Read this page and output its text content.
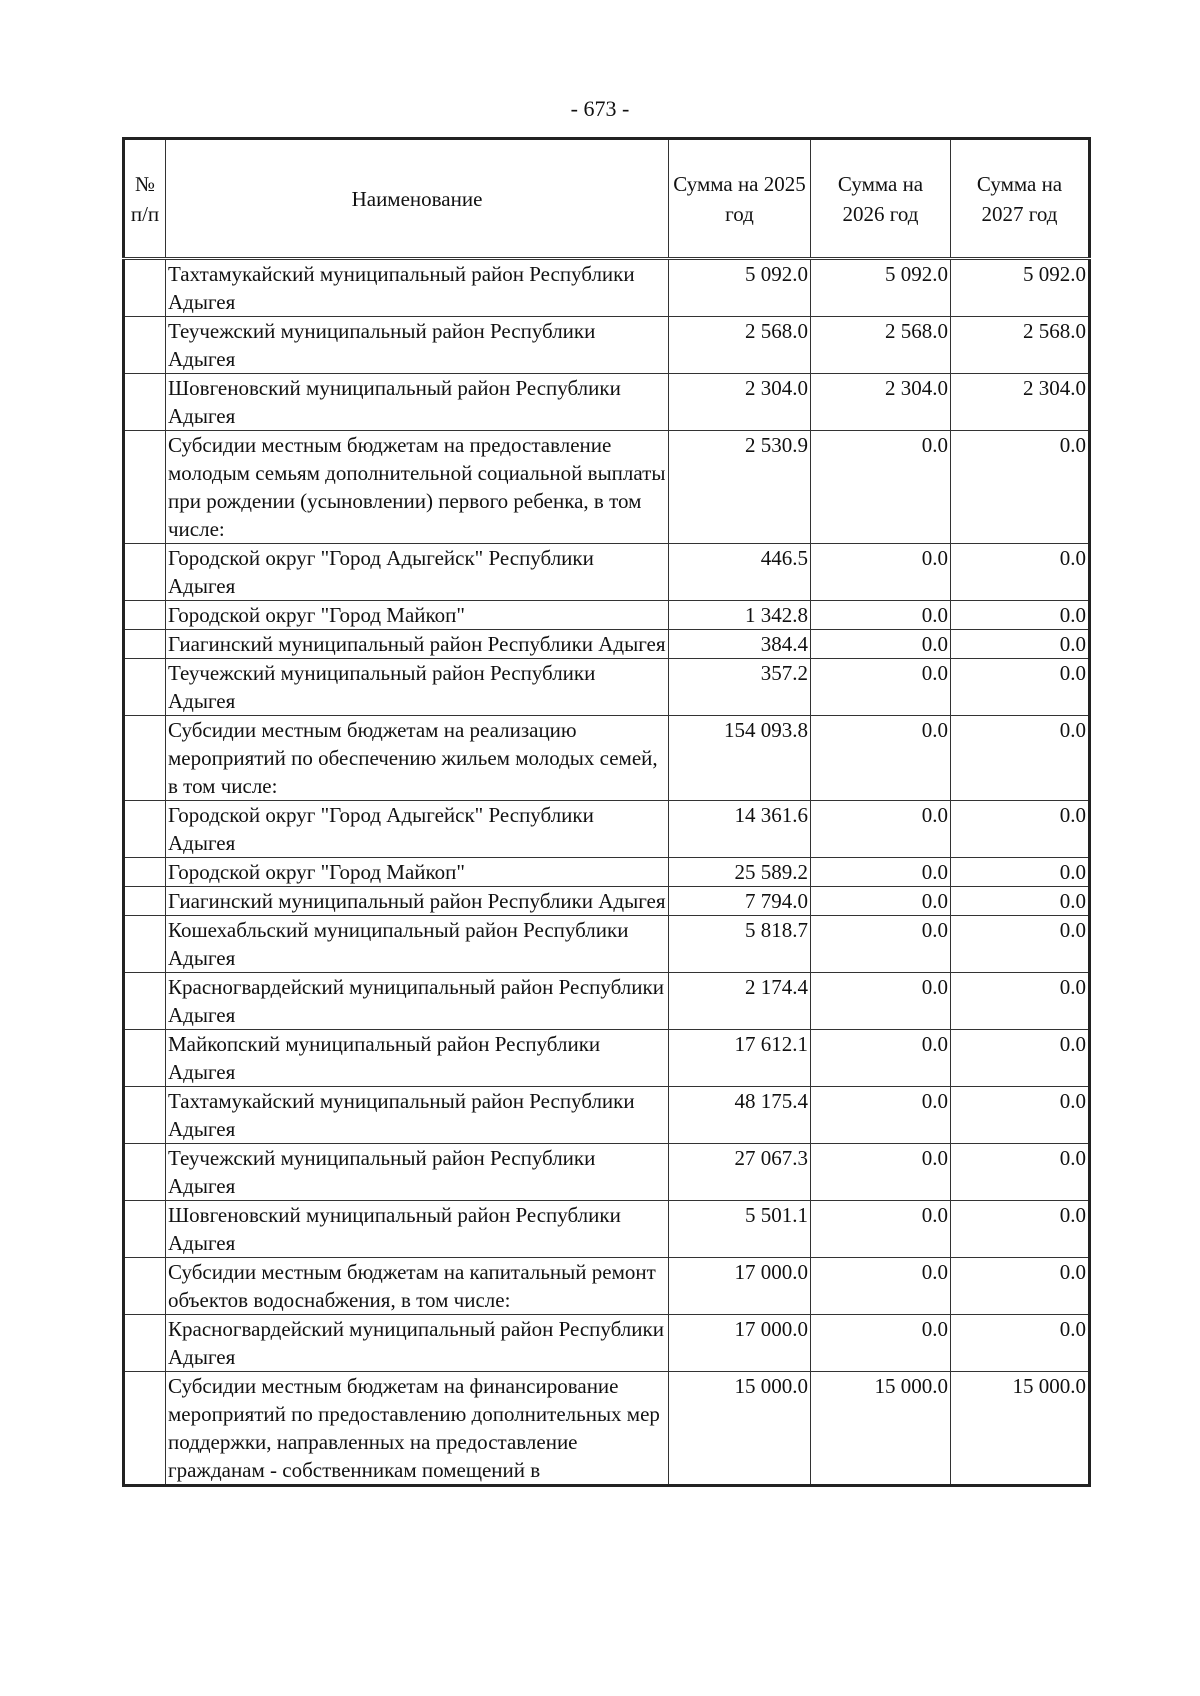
- 673 -
№ п/п	Наименование	Сумма на 2025 год	Сумма на 2026 год	Сумма на 2027 год
	Тахтамукайский муниципальный район Республики Адыгея	5 092.0	5 092.0	5 092.0
	Теучежский муниципальный район Республики Адыгея	2 568.0	2 568.0	2 568.0
	Шовгеновский муниципальный район Республики Адыгея	2 304.0	2 304.0	2 304.0
	Субсидии местным бюджетам на предоставление молодым семьям дополнительной социальной выплаты при рождении (усыновлении) первого ребенка, в том числе:	2 530.9	0.0	0.0
	Городской округ "Город Адыгейск" Республики Адыгея	446.5	0.0	0.0
	Городской округ "Город Майкоп"	1 342.8	0.0	0.0
	Гиагинский муниципальный район Республики Адыгея	384.4	0.0	0.0
	Теучежский муниципальный район Республики Адыгея	357.2	0.0	0.0
	Субсидии местным бюджетам на реализацию мероприятий по обеспечению жильем молодых семей, в том числе:	154 093.8	0.0	0.0
	Городской округ "Город Адыгейск" Республики Адыгея	14 361.6	0.0	0.0
	Городской округ "Город Майкоп"	25 589.2	0.0	0.0
	Гиагинский муниципальный район Республики Адыгея	7 794.0	0.0	0.0
	Кошехабльский муниципальный район Республики Адыгея	5 818.7	0.0	0.0
	Красногвардейский муниципальный район Республики Адыгея	2 174.4	0.0	0.0
	Майкопский муниципальный район Республики Адыгея	17 612.1	0.0	0.0
	Тахтамукайский муниципальный район Республики Адыгея	48 175.4	0.0	0.0
	Теучежский муниципальный район Республики Адыгея	27 067.3	0.0	0.0
	Шовгеновский муниципальный район Республики Адыгея	5 501.1	0.0	0.0
	Субсидии местным бюджетам на капитальный ремонт объектов водоснабжения, в том числе:	17 000.0	0.0	0.0
	Красногвардейский муниципальный район Республики Адыгея	17 000.0	0.0	0.0
	Субсидии местным бюджетам на финансирование мероприятий по предоставлению дополнительных мер поддержки, направленных на предоставление гражданам - собственникам помещений в	15 000.0	15 000.0	15 000.0
